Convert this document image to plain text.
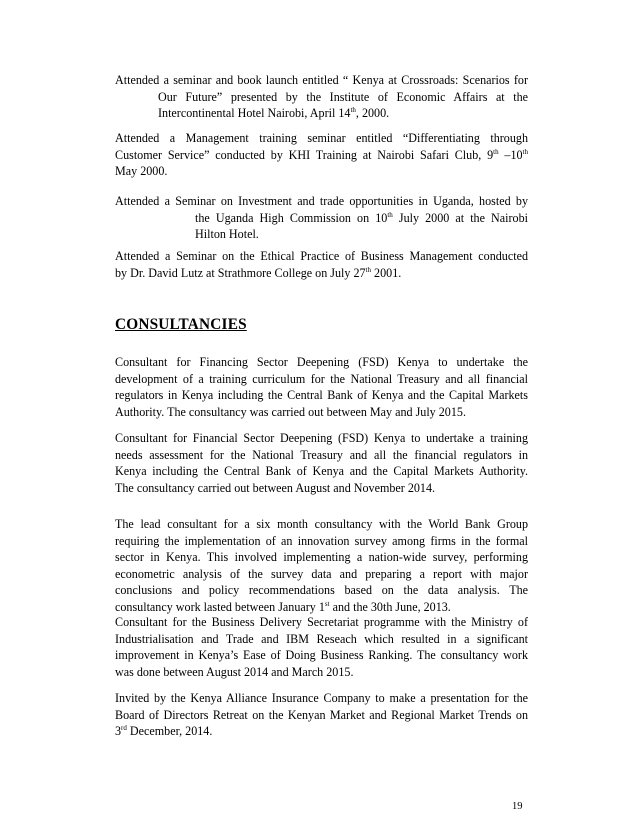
Attended a seminar and book launch entitled “ Kenya at Crossroads: Scenarios for
Our Future” presented by the Institute of Economic Affairs at the
Intercontinental Hotel Nairobi, April 14th, 2000.
Attended a Management training seminar entitled “Differentiating through
Customer Service” conducted by KHI Training at Nairobi Safari Club, 9th –10th
May 2000.
Attended a Seminar on Investment and trade opportunities in Uganda, hosted by
the Uganda High Commission on 10th July 2000 at the Nairobi
Hilton Hotel.
Attended a Seminar on the Ethical Practice of Business Management conducted
by Dr. David Lutz at Strathmore College on July 27th 2001.
CONSULTANCIES
Consultant for Financing Sector Deepening (FSD) Kenya to undertake the
development of a training curriculum for the National Treasury and all financial
regulators in Kenya including the Central Bank of Kenya and the Capital Markets
Authority. The consultancy was carried out between May and July 2015.
Consultant for Financial Sector Deepening (FSD) Kenya to undertake a training
needs assessment for the National Treasury and all the financial regulators in
Kenya including the Central Bank of Kenya and the Capital Markets Authority.
The consultancy carried out between August and November 2014.
The lead consultant for a six month consultancy with the World Bank Group
requiring the implementation of an innovation survey among firms in the formal
sector in Kenya. This involved implementing a nation-wide survey, performing
econometric analysis of the survey data and preparing a report with major
conclusions and policy recommendations based on the data analysis. The
consultancy work lasted between January 1st and the 30th June, 2013.
Consultant for the Business Delivery Secretariat programme with the Ministry of
Industrialisation and Trade and IBM Reseach which resulted in a significant
improvement in Kenya’s Ease of Doing Business Ranking. The consultancy work
was done between August 2014 and March 2015.
Invited by the Kenya Alliance Insurance Company to make a presentation for the
Board of Directors Retreat on the Kenyan Market and Regional Market Trends on
3rd December, 2014.
19
